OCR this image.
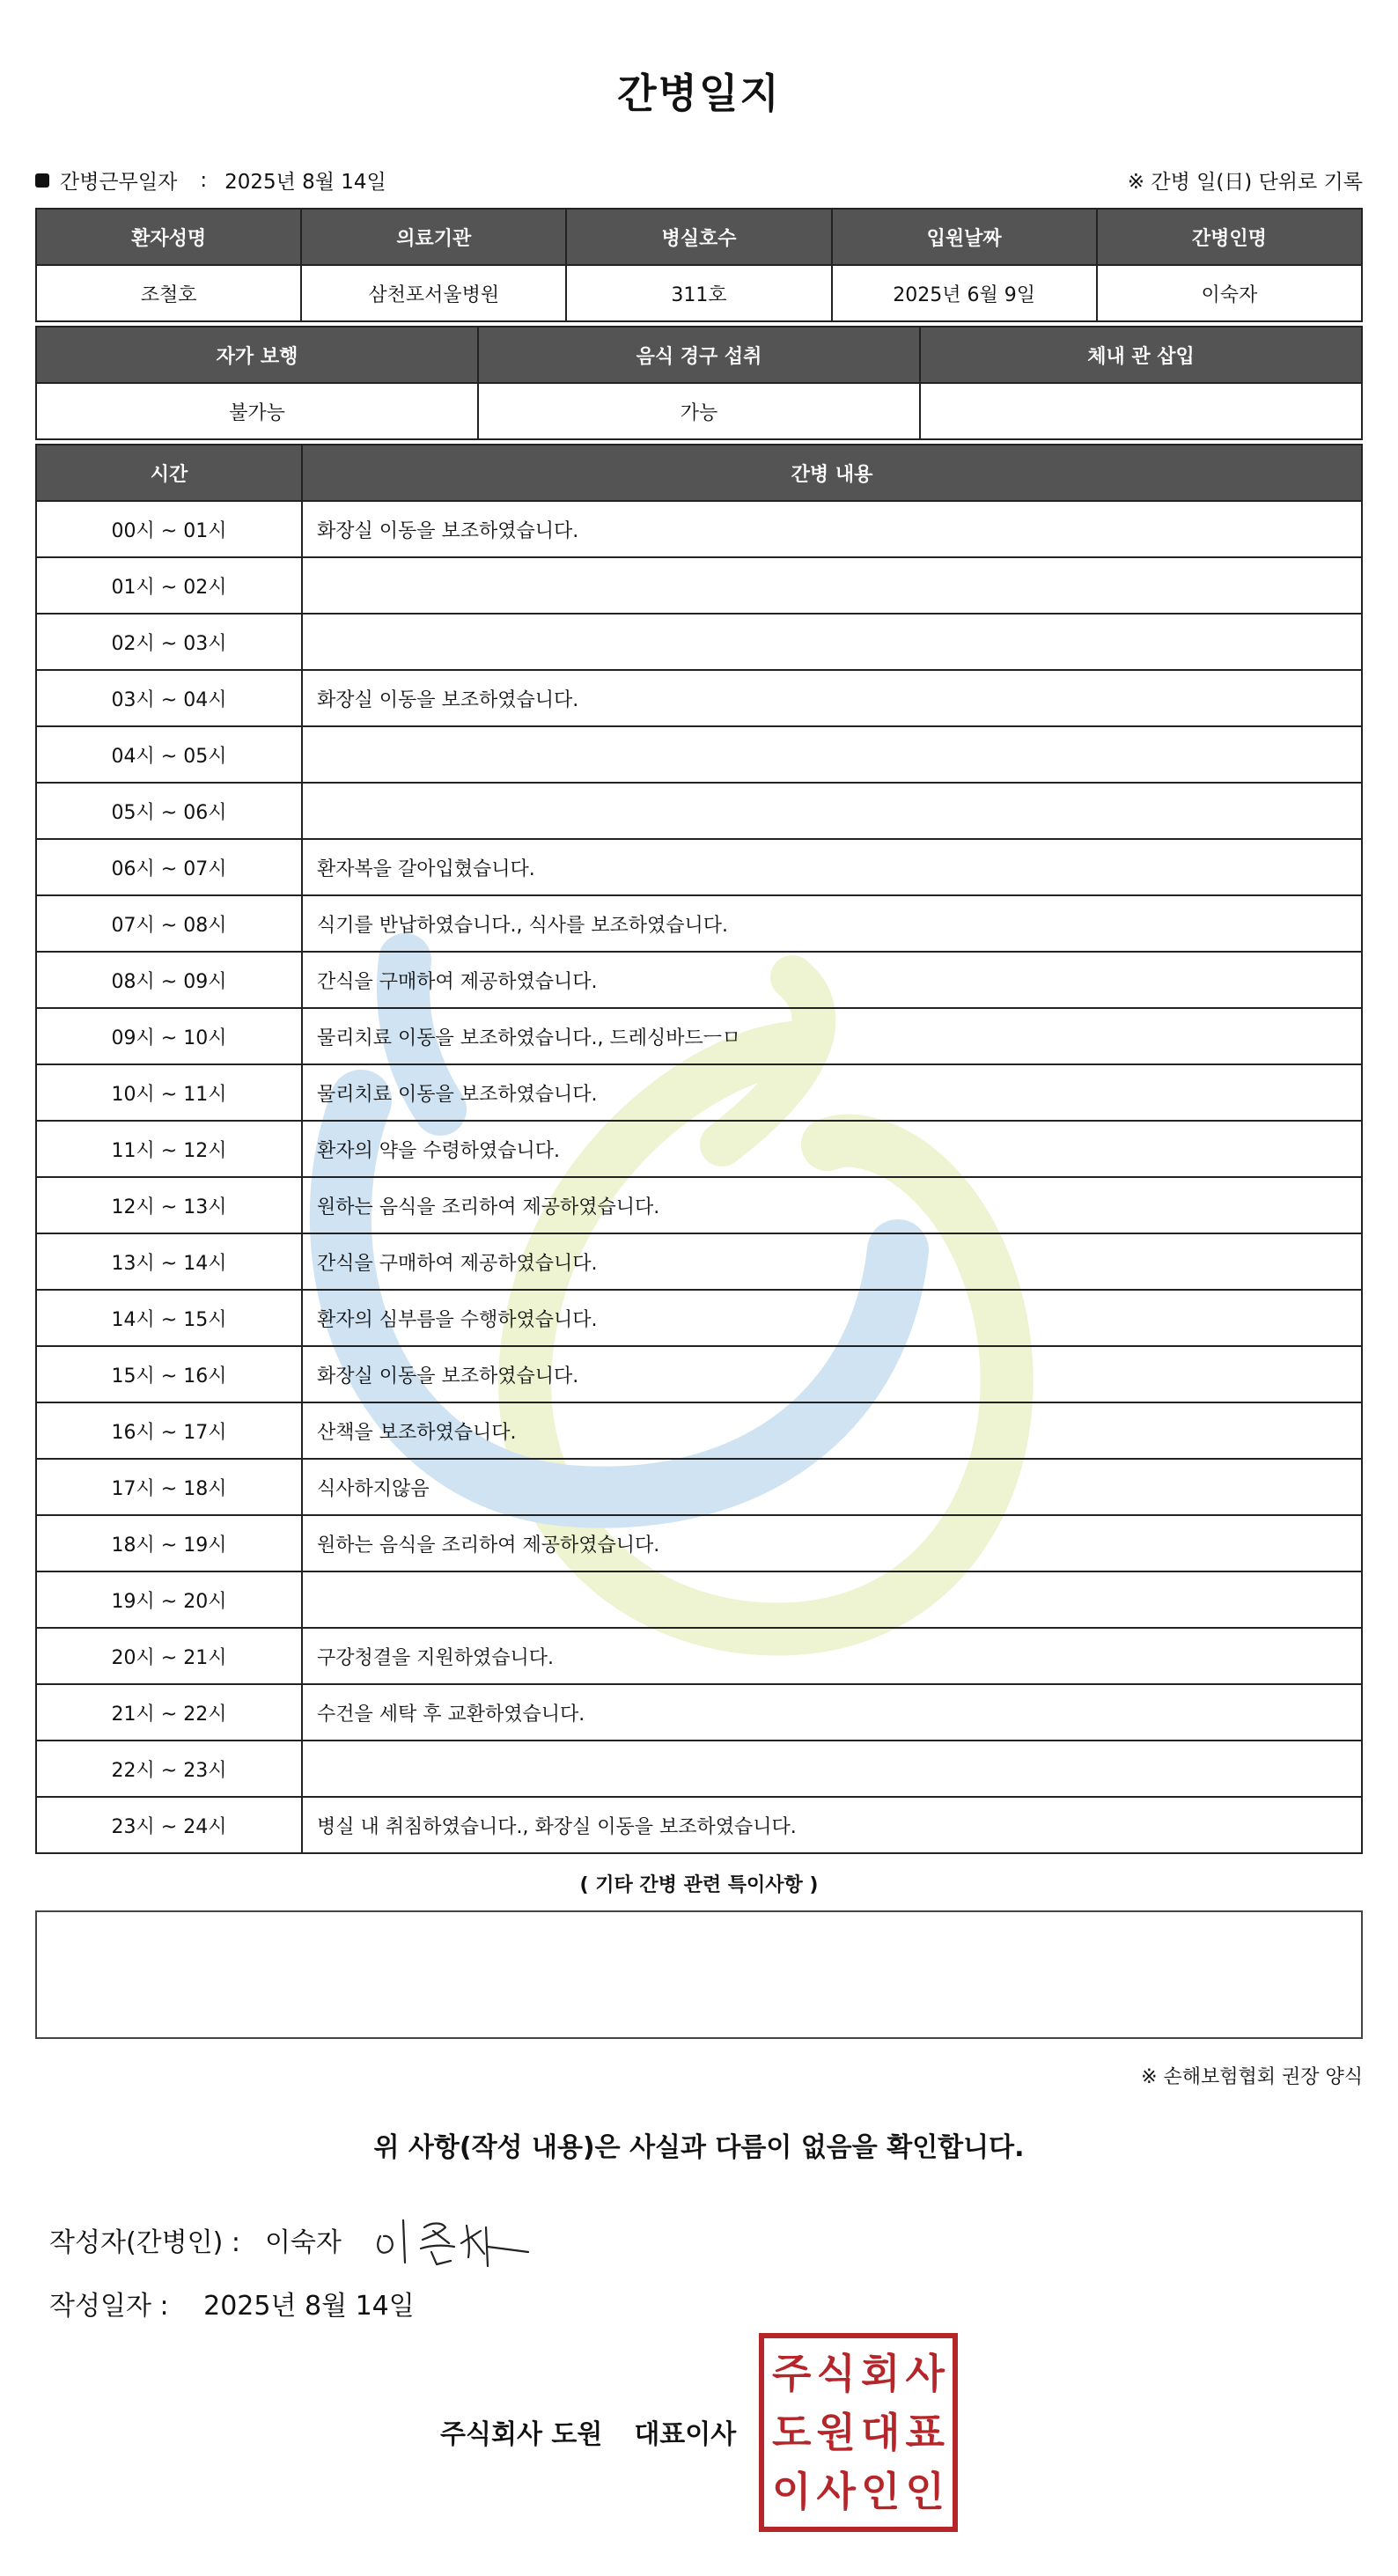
간병일지
간병근무일자 : 2025년 8월 14일	※ 간병 일(日) 단위로 기록
환자성명	의료기관	병실호수	입원날짜	간병인명
조철호	삼천포서울병원	311호	2025년 6월 9일	이숙자
자가 보행	음식 경구 섭취	체내 관 삽입
불가능	가능	
시간	간병 내용
00시 ~ 01시	화장실 이동을 보조하였습니다.
01시 ~ 02시	
02시 ~ 03시	
03시 ~ 04시	화장실 이동을 보조하였습니다.
04시 ~ 05시	
05시 ~ 06시	
06시 ~ 07시	환자복을 갈아입혔습니다.
07시 ~ 08시	식기를 반납하였습니다., 식사를 보조하였습니다.
08시 ~ 09시	간식을 구매하여 제공하였습니다.
09시 ~ 10시	물리치료 이동을 보조하였습니다., 드레싱바드ㅡㅁ
10시 ~ 11시	물리치료 이동을 보조하였습니다.
11시 ~ 12시	환자의 약을 수령하였습니다.
12시 ~ 13시	원하는 음식을 조리하여 제공하였습니다.
13시 ~ 14시	간식을 구매하여 제공하였습니다.
14시 ~ 15시	환자의 심부름을 수행하였습니다.
15시 ~ 16시	화장실 이동을 보조하였습니다.
16시 ~ 17시	산책을 보조하였습니다.
17시 ~ 18시	식사하지않음
18시 ~ 19시	원하는 음식을 조리하여 제공하였습니다.
19시 ~ 20시	
20시 ~ 21시	구강청결을 지원하였습니다.
21시 ~ 22시	수건을 세탁 후 교환하였습니다.
22시 ~ 23시	
23시 ~ 24시	병실 내 취침하였습니다., 화장실 이동을 보조하였습니다.
( 기타 간병 관련 특이사항 )
※ 손해보험협회 권장 양식
위 사항(작성 내용)은 사실과 다름이 없음을 확인합니다.
작성자(간병인) : 이숙자
작성일자 : 2025년 8월 14일
주식회사 도원 대표이사
주 식 회 사
도 원 대 표
이 사 인 인
